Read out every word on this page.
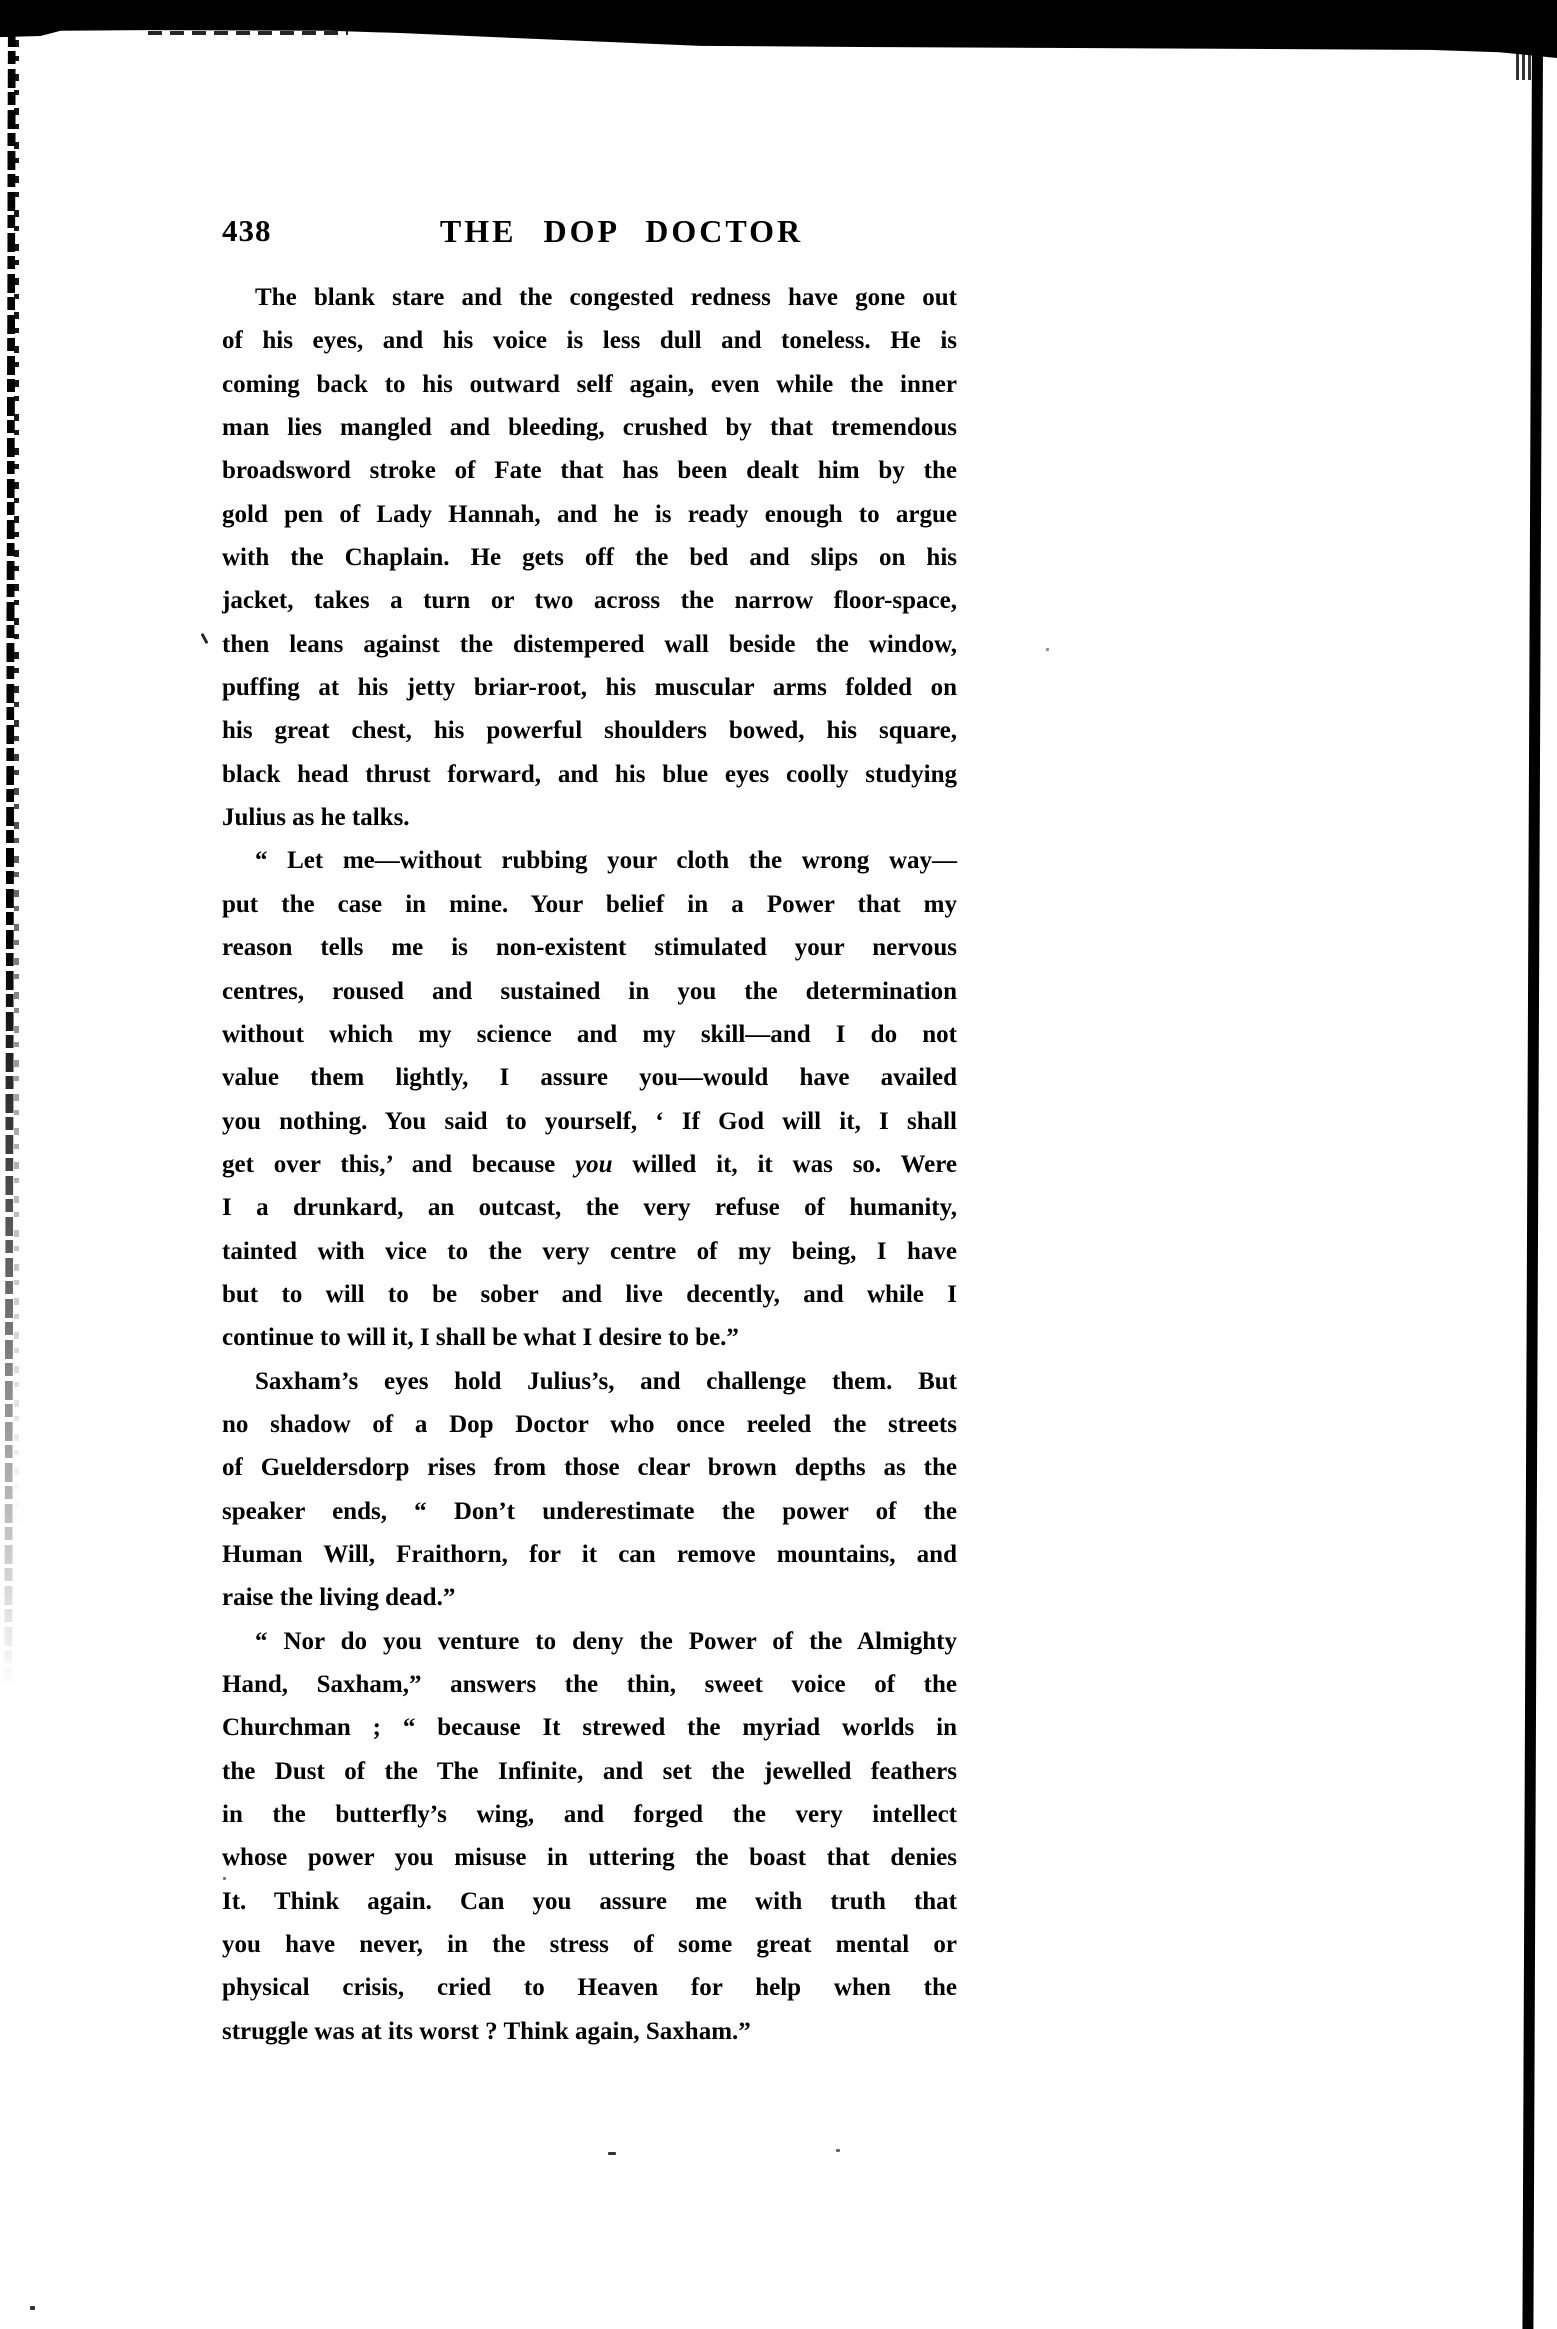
438	THE DOP DOCTOR
The blank stare and the congested redness have gone out
of his eyes, and his voice is less dull and toneless. He is
coming back to his outward self again, even while the inner
man lies mangled and bleeding, crushed by that tremendous
broadsword stroke of Fate that has been dealt him by the
gold pen of Lady Hannah, and he is ready enough to argue
with the Chaplain. He gets off the bed and slips on his
jacket, takes a turn or two across the narrow floor-space,
then leans against the distempered wall beside the window,
puffing at his jetty briar-root, his muscular arms folded on
his great chest, his powerful shoulders bowed, his square,
black head thrust forward, and his blue eyes coolly studying
Julius as he talks.
“ Let me—without rubbing your cloth the wrong way—
put the case in mine. Your belief in a Power that my
reason tells me is non-existent stimulated your nervous
centres, roused and sustained in you the determination
without which my science and my skill—and I do not
value them lightly, I assure you—would have availed
you nothing. You said to yourself, ‘ If God will it, I shall
get over this,’ and because you willed it, it was so. Were
I a drunkard, an outcast, the very refuse of humanity,
tainted with vice to the very centre of my being, I have
but to will to be sober and live decently, and while I
continue to will it, I shall be what I desire to be.”
Saxham’s eyes hold Julius’s, and challenge them. But
no shadow of a Dop Doctor who once reeled the streets
of Gueldersdorp rises from those clear brown depths as the
speaker ends, “ Don’t underestimate the power of the
Human Will, Fraithorn, for it can remove mountains, and
raise the living dead.”
“ Nor do you venture to deny the Power of the Almighty
Hand, Saxham,” answers the thin, sweet voice of the
Churchman ; “ because It strewed the myriad worlds in
the Dust of the The Infinite, and set the jewelled feathers
in the butterfly’s wing, and forged the very intellect
whose power you misuse in uttering the boast that denies
It. Think again. Can you assure me with truth that
you have never, in the stress of some great mental or
physical crisis, cried to Heaven for help when the
struggle was at its worst ? Think again, Saxham.”
